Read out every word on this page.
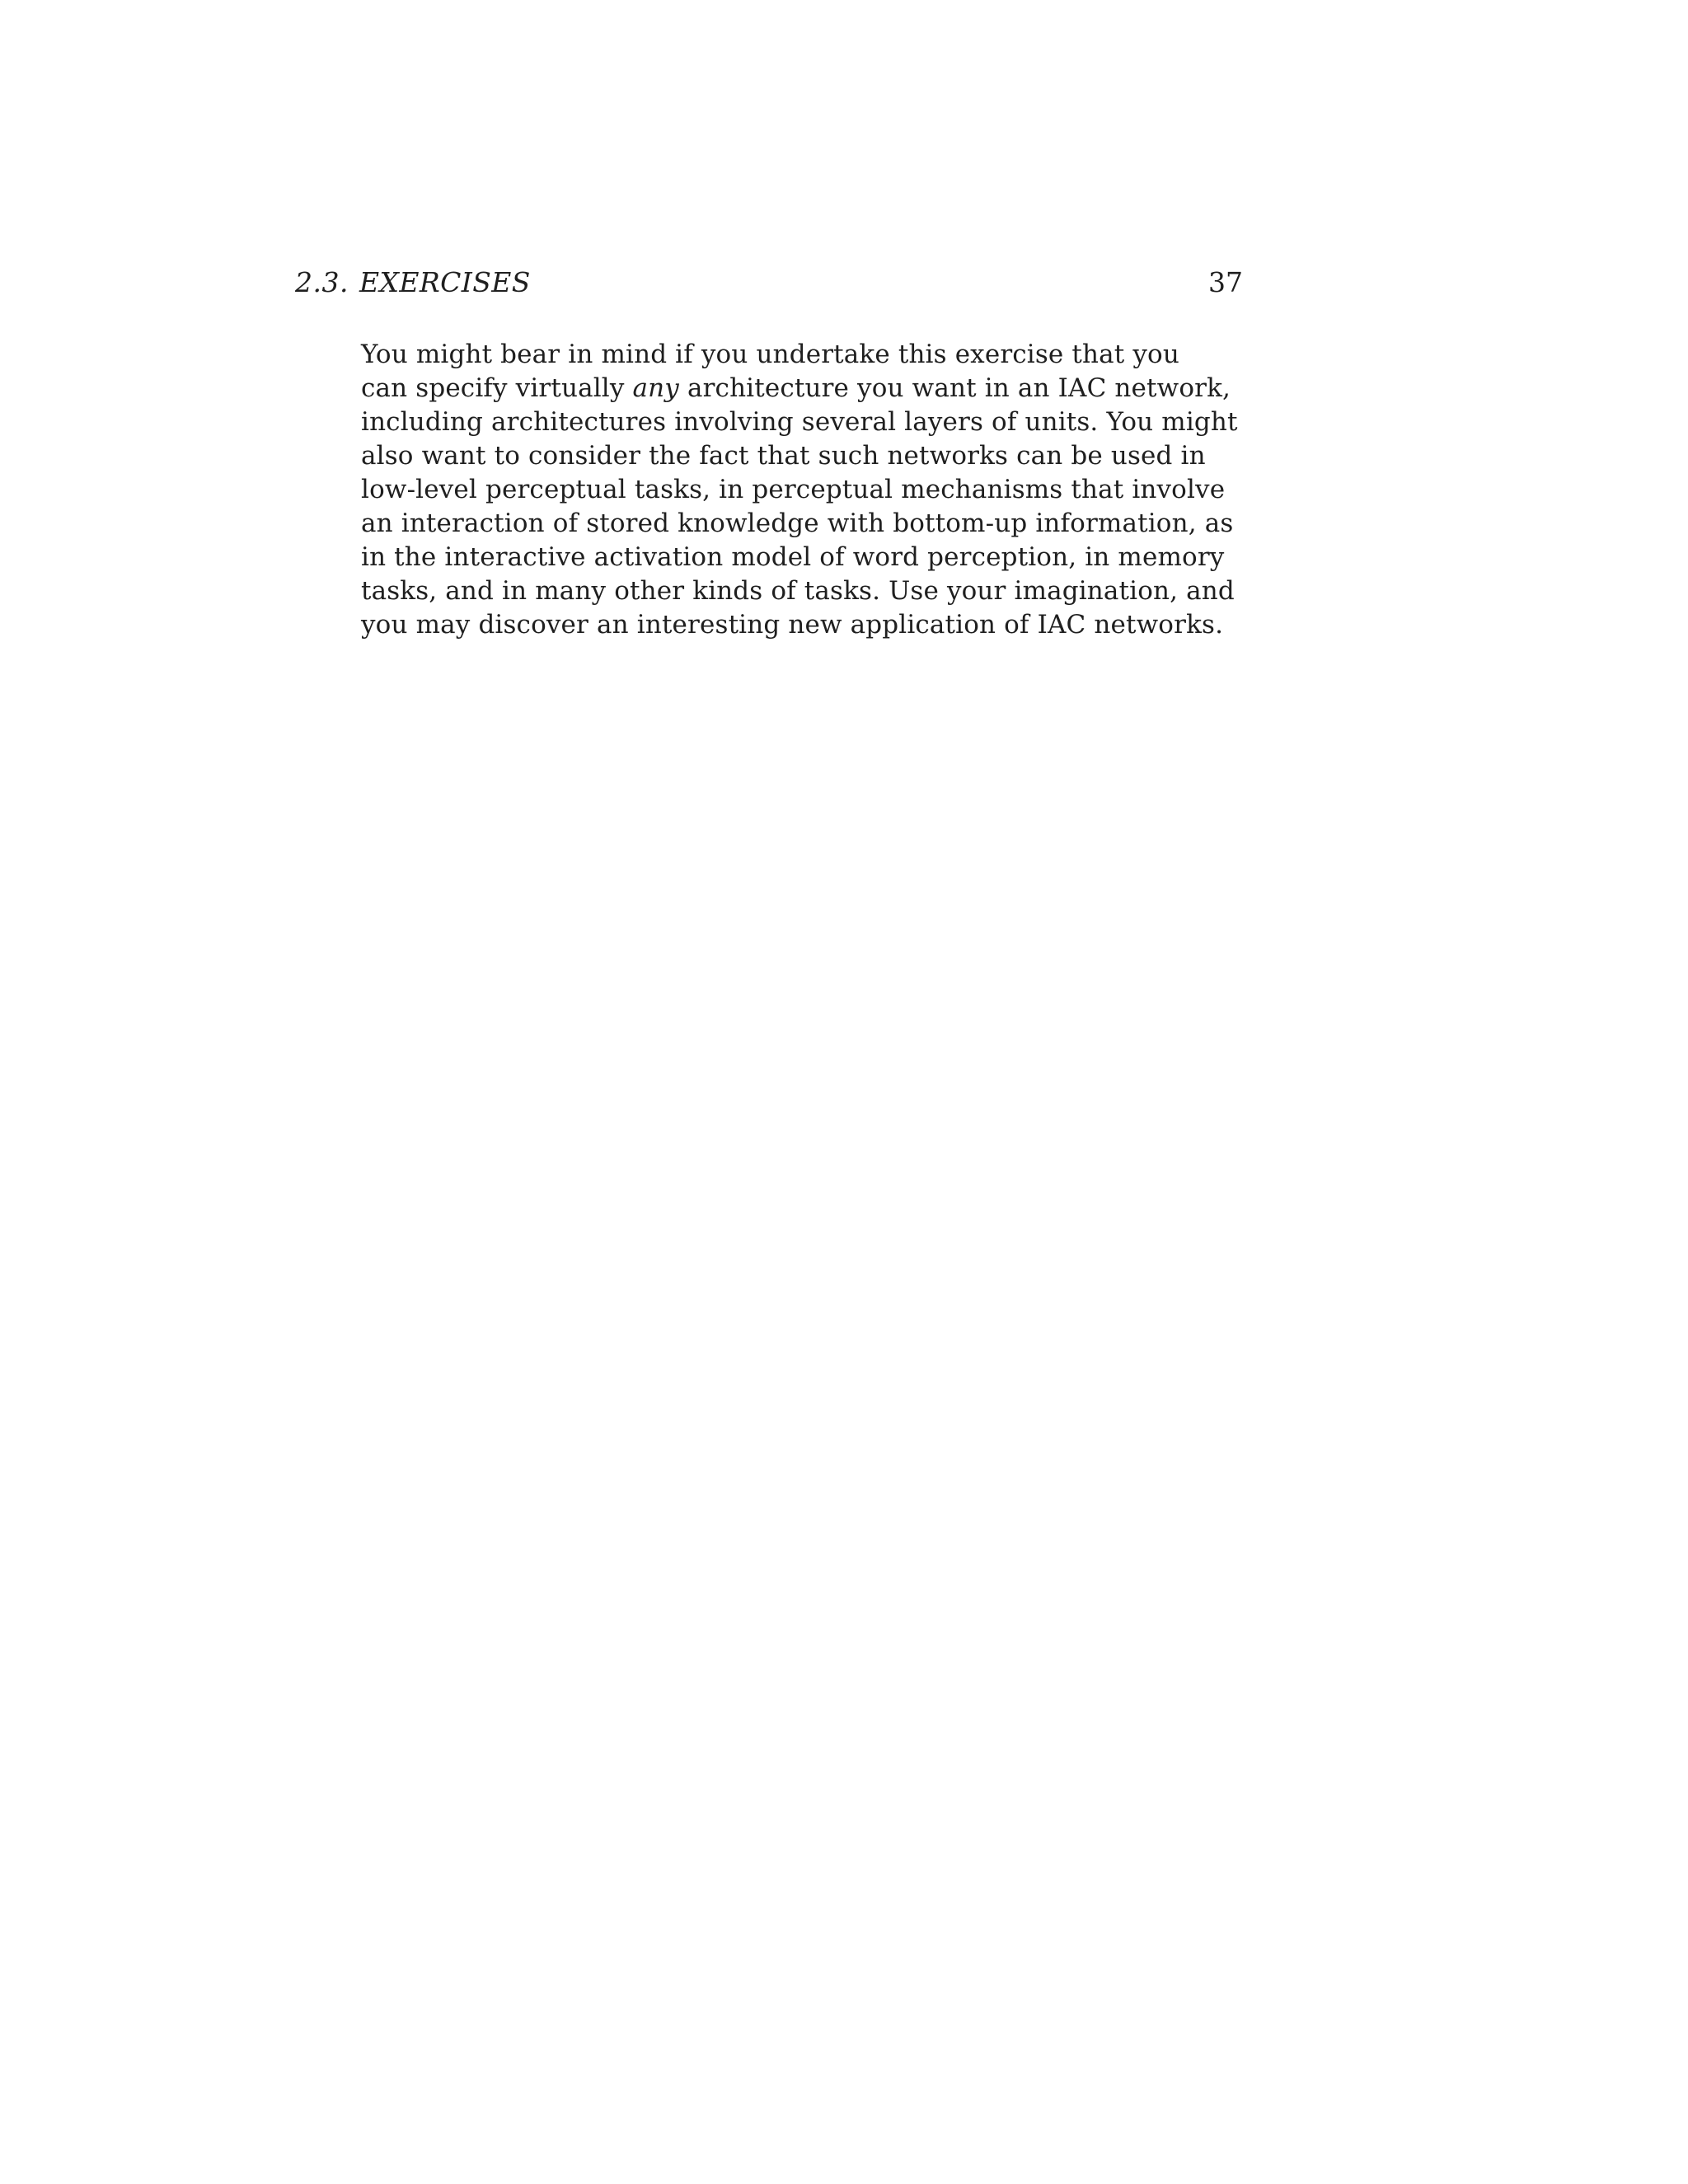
2.3. EXERCISES	37
You might bear in mind if you undertake this exercise that you
can specify virtually any architecture you want in an IAC network,
including architectures involving several layers of units. You might
also want to consider the fact that such networks can be used in
low-level perceptual tasks, in perceptual mechanisms that involve
an interaction of stored knowledge with bottom-up information, as
in the interactive activation model of word perception, in memory
tasks, and in many other kinds of tasks. Use your imagination, and
you may discover an interesting new application of IAC networks.
